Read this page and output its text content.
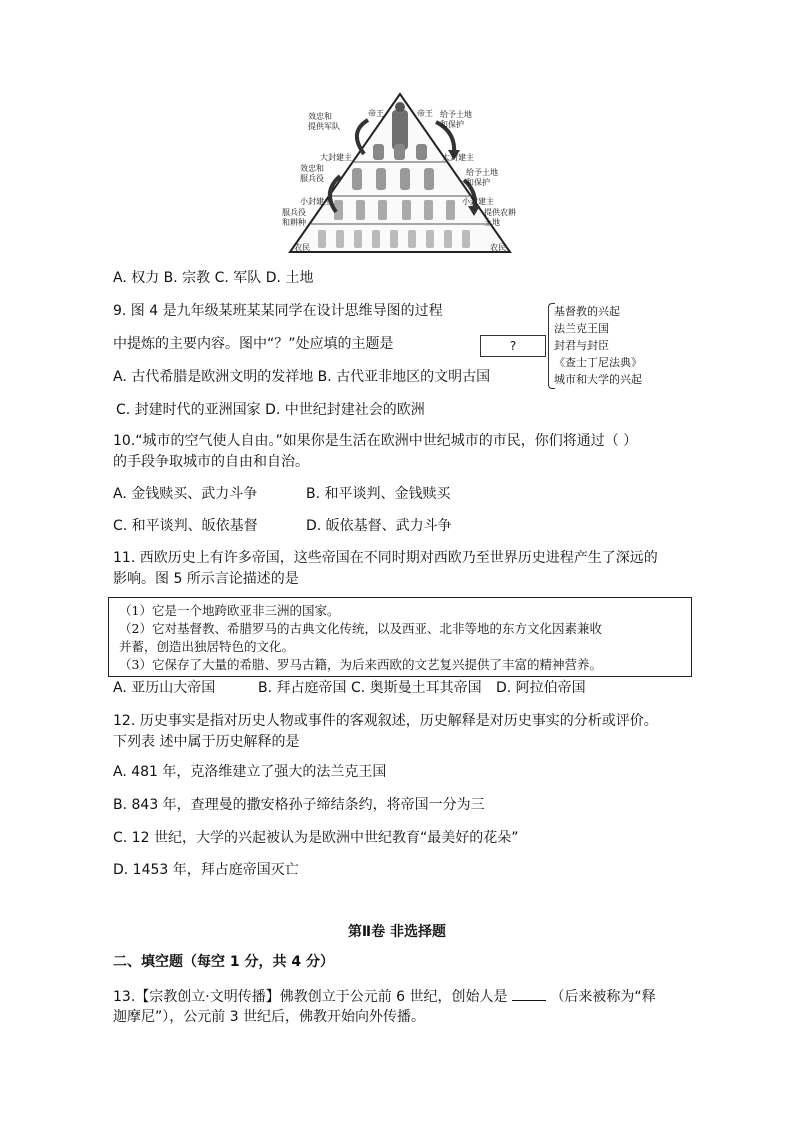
效忠和
提供军队
帝王	帝王 给予土地
和保护
大封建主
效忠和
服兵役
大封建主
给予土地
和保护
小封建主
服兵役
和耕种
小封建主
提供农耕
土地
农民	农民
A. 权力 B. 宗教 C. 军队 D. 土地
9. 图 4 是九年级某班某某同学在设计思维导图的过程
中提炼的主要内容。图中“？”处应填的主题是	?
基督教的兴起
法兰克王国
封君与封臣
《查士丁尼法典》
城市和大学的兴起
A. 古代希腊是欧洲文明的发祥地 B. 古代亚非地区的文明古国
C. 封建时代的亚洲国家 D. 中世纪封建社会的欧洲
10.“城市的空气使人自由。”如果你是生活在欧洲中世纪城市的市民，你们将通过（ ）
的手段争取城市的自由和自治。
A. 金钱赎买、武力斗争	B. 和平谈判、金钱赎买
C. 和平谈判、皈依基督	D. 皈依基督、武力斗争
11. 西欧历史上有许多帝国，这些帝国在不同时期对西欧乃至世界历史进程产生了深远的
影响。图 5 所示言论描述的是
（1）它是一个地跨欧亚非三洲的国家。
（2）它对基督教、希腊罗马的古典文化传统，以及西亚、北非等地的东方文化因素兼收
并蓄，创造出独居特色的文化。
（3）它保存了大量的希腊、罗马古籍，为后来西欧的文艺复兴提供了丰富的精神营养。
A. 亚历山大帝国	B. 拜占庭帝国 C. 奥斯曼土耳其帝国 D. 阿拉伯帝国
12. 历史事实是指对历史人物或事件的客观叙述，历史解释是对历史事实的分析或评价。
下列表 述中属于历史解释的是
A. 481 年，克洛维建立了强大的法兰克王国
B. 843 年，查理曼的撒安格孙子缔结条约，将帝国一分为三
C. 12 世纪，大学的兴起被认为是欧洲中世纪教育“最美好的花朵”
D. 1453 年，拜占庭帝国灭亡
第Ⅱ卷 非选择题
二、填空题（每空 1 分，共 4 分）
13.【宗教创立·文明传播】佛教创立于公元前 6 世纪，创始人是	（后来被称为“释
迦摩尼”），公元前 3 世纪后，佛教开始向外传播。
